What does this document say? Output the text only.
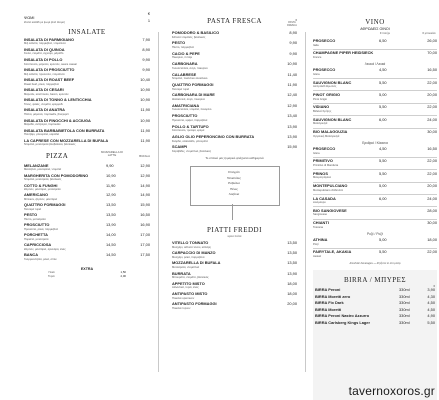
ΨΩΜΙ
Ζεστό καλάθι με ψωμί (ανά άτομο)
€
1
INSALATE
INSALATA DI PARMIGIANO
Μιξ σαλάτα, παρμεζάνα, ντοματίνια
7,90
INSALATA DI QUINOA
Κινόα, ντομάτα, αγγούρι, μάραθο
8,90
INSALATA DI POLLO
Κοτόπουλο, μαρούλι, κρουτόν, sauce caesar
9,90
INSALATA DI PROSCIUTTO
Μιξ σαλάτα, προσούτο, ντοματίνια
9,90
INSALATA DI ROAST BEEF
Roast beef, ρόκα, παρμεζάνα
10,40
INSALATA DI CESARI
Μαρούλι, κοτόπουλο, bacon, κρουτόν
10,90
INSALATA DI TONNO & LENTICCHIA
Τόνος, φακές, ντομάτα, κρεμμύδι
10,90
INSALATA DI ANATRA
Πάπια, μαρούλι, πορτοκάλι, βινεγκρέτ
11,90
INSALATA DI FINOCCHI & ACCIUGA
Μάραθο, αντζούγια, πορτοκάλι
10,90
INSALATA BARBABIETOLA CON BURRATA
Παντζάρι, μπουράτα, καρύδια
11,90
LA CAPRESE CON MOZZARELLA DI BUFALA
Ντομάτα, μοτσαρέλα βουβαλίσια, βασιλικός
11,90
PIZZA	MOZZARELLA DI LATTE	BUFALA
MELANZANE
Μελιτζάνα, μοτσαρέλα, ντομάτα
9,90	12,90
MARGHERITA CON POMODORINO
Ντομάτα, μοτσαρέλα, βασιλικός
10,90	12,90
COTTO & FUNGHI
Ζαμπόν, μανιτάρια, μοτσαρέλα
11,90	14,90
AMERICANO
Μπέικον, ζαμπόν, μανιτάρια
12,90	14,90
QUATTRO FORMAGGI
Τέσσερα τυριά
13,50	15,90
PESTO
Πέστο, μοτσαρέλα
13,50	16,50
PROSCIUTTO
Προσούτο, ρόκα, παρμεζάνα
13,90	16,90
PORCHETTA
Πορκέτα, μοτσαρέλα
14,00	17,00
CAPRICCIOSA
Ζαμπόν, μανιτάρια, αγκινάρα, ελιές
14,50	17,00
BANCA
Γκοργκοντζόλα, ρόκα, σπέκ
14,50	17,50
EXTRA
Υλικά	1,50
Τυριά	2,00
PASTA FRESCA	€
PASTA FRESCA
POMODORO & BASILICO
Σάλτσα ντομάτας, βασιλικός
8,90
PESTO
Πέστο, παρμεζάνα
9,90
CACIO & PEPE
Πεκορίνο, πιπέρι
9,90
CARBONARA
Γκουαντσιάλε, αυγό, πεκορίνο
10,90
CALABRESE
Ντομάτα, πικάντικο λουκάνικο
11,40
QUATTRO FORMAGGI
Τέσσερα τυριά
11,90
CARBONARA DI MARE
Θαλασσινά, αυγό, πεκορίνο
12,40
AMATRICIANA
Γκουαντσιάλε, ντομάτα, πεκορίνο
12,90
PROSCIUTTO
Προσούτο, κρέμα, παρμεζάνα
13,40
POLLO & TARTUFO
Κοτόπουλο, τρούφα, κρέμα
13,90
AGLIO OLIO PEPERONCINO CON BURRATA
Σκόρδο, ελαιόλαδο, μπουράτα
13,90
SCAMPI
Καραβίδες, ντοματίνια, βασιλικός
15,90
Το σπιτικό μας ζυμαρικό φτιάχνεται καθημερινά
Σπαγγέτι
Ταλιατέλες
Ραβιόλια
Πένες
Λαζάνια
PIATTI FREDDI
κρύα πιάτα
VITELLO TONNATO
Μοσχάρι, σάλτσα τόνου, κάπαρη
13,50
CARPACCIO DI MANZO
Μοσχάρι, ρόκα, παρμεζάνα
13,50
MOZZARELLA DI BUFALA
Μοτσαρέλα, ντοματίνια
13,50
BURRATA
Μπουράτα, ντομάτα, βασιλικός
13,90
APPETITO MISTO
Αλλαντικά, τυριά, ελιές
18,00
ANTIPASTO MISTO
Ποικιλία ορεκτικών
18,00
ANTIPASTO FORMAGGI
Ποικιλία τυριών
20,00
VINO
ΑΦΡΩΔΕΙΣ ΟΙΝΟΙ
€ ποτήρι	€ μπουκάλι
PROSECCO
Italia
6,50	26,00
CHAMPAGNE PIPER HEIDSIECK
France
70,00
Λευκοί / Λευκά
PROSECCO
Glera
4,50	16,50
SAUVIGNON BLANC
Ασπρολίθι Ωρωπός
5,50	22,00
PINOT GRIGIO
Pinot Grigio
5,00	20,00
VIDIANO
Βιδιανό Κρήτης
5,50	22,00
SAUVIGNON BLANC
Μαλαγουζιά
6,00	24,00
BIO MALAGOUZIA
Οργανική Μαλαγουζιά
30,00
Ερυθροί / Κόκκινα
PROSECCO
Glera
4,50	16,50
PRIMITIVO
Primitivo di Manduria
5,50	22,00
PRINOS
Μαυροτράγανο
5,50	22,00
MONTEPULCIANO
Montepulciano d'Abruzzo
5,00	20,00
LA CASADA
Ξινόμαυρο
6,00	24,00
BIO SANGIOVESE
Sangiovese
28,00
CHIANTI
Toscana
30,00
Ροζέ / Ροζέ
ATHINA
Ροζέ
5,00	18,00
FAIRYTALE, AKAKIA
Ακακία
5,50	22,00
Alcoholic beverages — Ζητήστε το στο μπαρ
BIRRA / ΜΠΥΡΕΣ
€
BIRRA Peroni	330ml	3,90
BIRRA Moretti zero	330ml	4,30
BIRRA Fix Dark	330ml	4,50
BIRRA Moretti	330ml	4,50
BIRRA Peroni Nastro Azzurro	330ml	4,90
BIRRA Carlsberg Kings Lager	330ml	5,50
tavernoxoros.gr
